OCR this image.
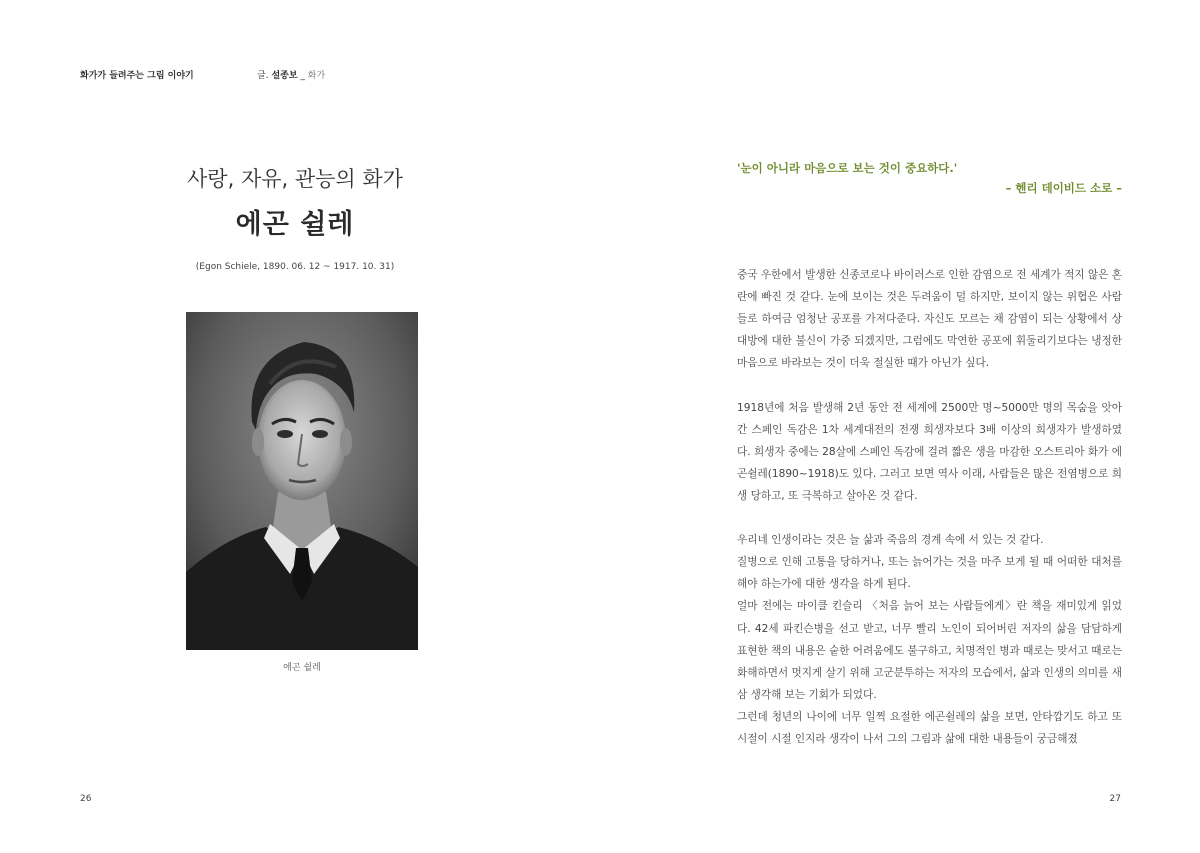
화가가 들려주는 그림 이야기	글. 설종보 _ 화가
사랑, 자유, 관능의 화가
에곤 쉴레
(Egon Schiele, 1890. 06. 12 ~ 1917. 10. 31)
에곤 쉴레
26
'눈이 아니라 마음으로 보는 것이 중요하다.'
– 헨리 데이비드 소로 –

중국 우한에서 발생한 신종코로나 바이러스로 인한 감염으로 전 세계가 적지 않은 혼란에 빠진 것 같다. 눈에 보이는 것은 두려움이 덜 하지만, 보이지 않는 위협은 사람들로 하여금 엄청난 공포를 가져다준다. 자신도 모르는 채 감염이 되는 상황에서 상대방에 대한 불신이 가중 되겠지만, 그럼에도 막연한 공포에 휘둘리기보다는 냉정한 마음으로 바라보는 것이 더욱 절실한 때가 아닌가 싶다.

1918년에 처음 발생해 2년 동안 전 세계에 2500만 명~5000만 명의 목숨을 앗아간 스페인 독감은 1차 세계대전의 전쟁 희생자보다 3배 이상의 희생자가 발생하였다. 희생자 중에는 28살에 스페인 독감에 걸려 짧은 생을 마감한 오스트리아 화가 에곤쉴레(1890~1918)도 있다. 그러고 보면 역사 이래, 사람들은 많은 전염병으로 희생 당하고, 또 극복하고 살아온 것 같다.

우리네 인생이라는 것은 늘 삶과 죽음의 경계 속에 서 있는 것 같다.

질병으로 인해 고통을 당하거나, 또는 늙어가는 것을 마주 보게 될 때 어떠한 대처를 해야 하는가에 대한 생각을 하게 된다.

얼마 전에는 마이클 킨슬리 〈처음 늙어 보는 사람들에게〉란 책을 재미있게 읽었다. 42세 파킨슨병을 선고 받고, 너무 빨리 노인이 되어버린 저자의 삶을 담담하게 표현한 책의 내용은 숱한 어려움에도 불구하고, 치명적인 병과 때로는 맞서고 때로는 화해하면서 멋지게 살기 위해 고군분투하는 저자의 모습에서, 삶과 인생의 의미를 새삼 생각해 보는 기회가 되었다.

그런데 청년의 나이에 너무 일찍 요절한 에곤쉴레의 삶을 보면, 안타깝기도 하고 또 시절이 시절 인지라 생각이 나서 그의 그림과 삶에 대한 내용들이 궁금해졌

27
